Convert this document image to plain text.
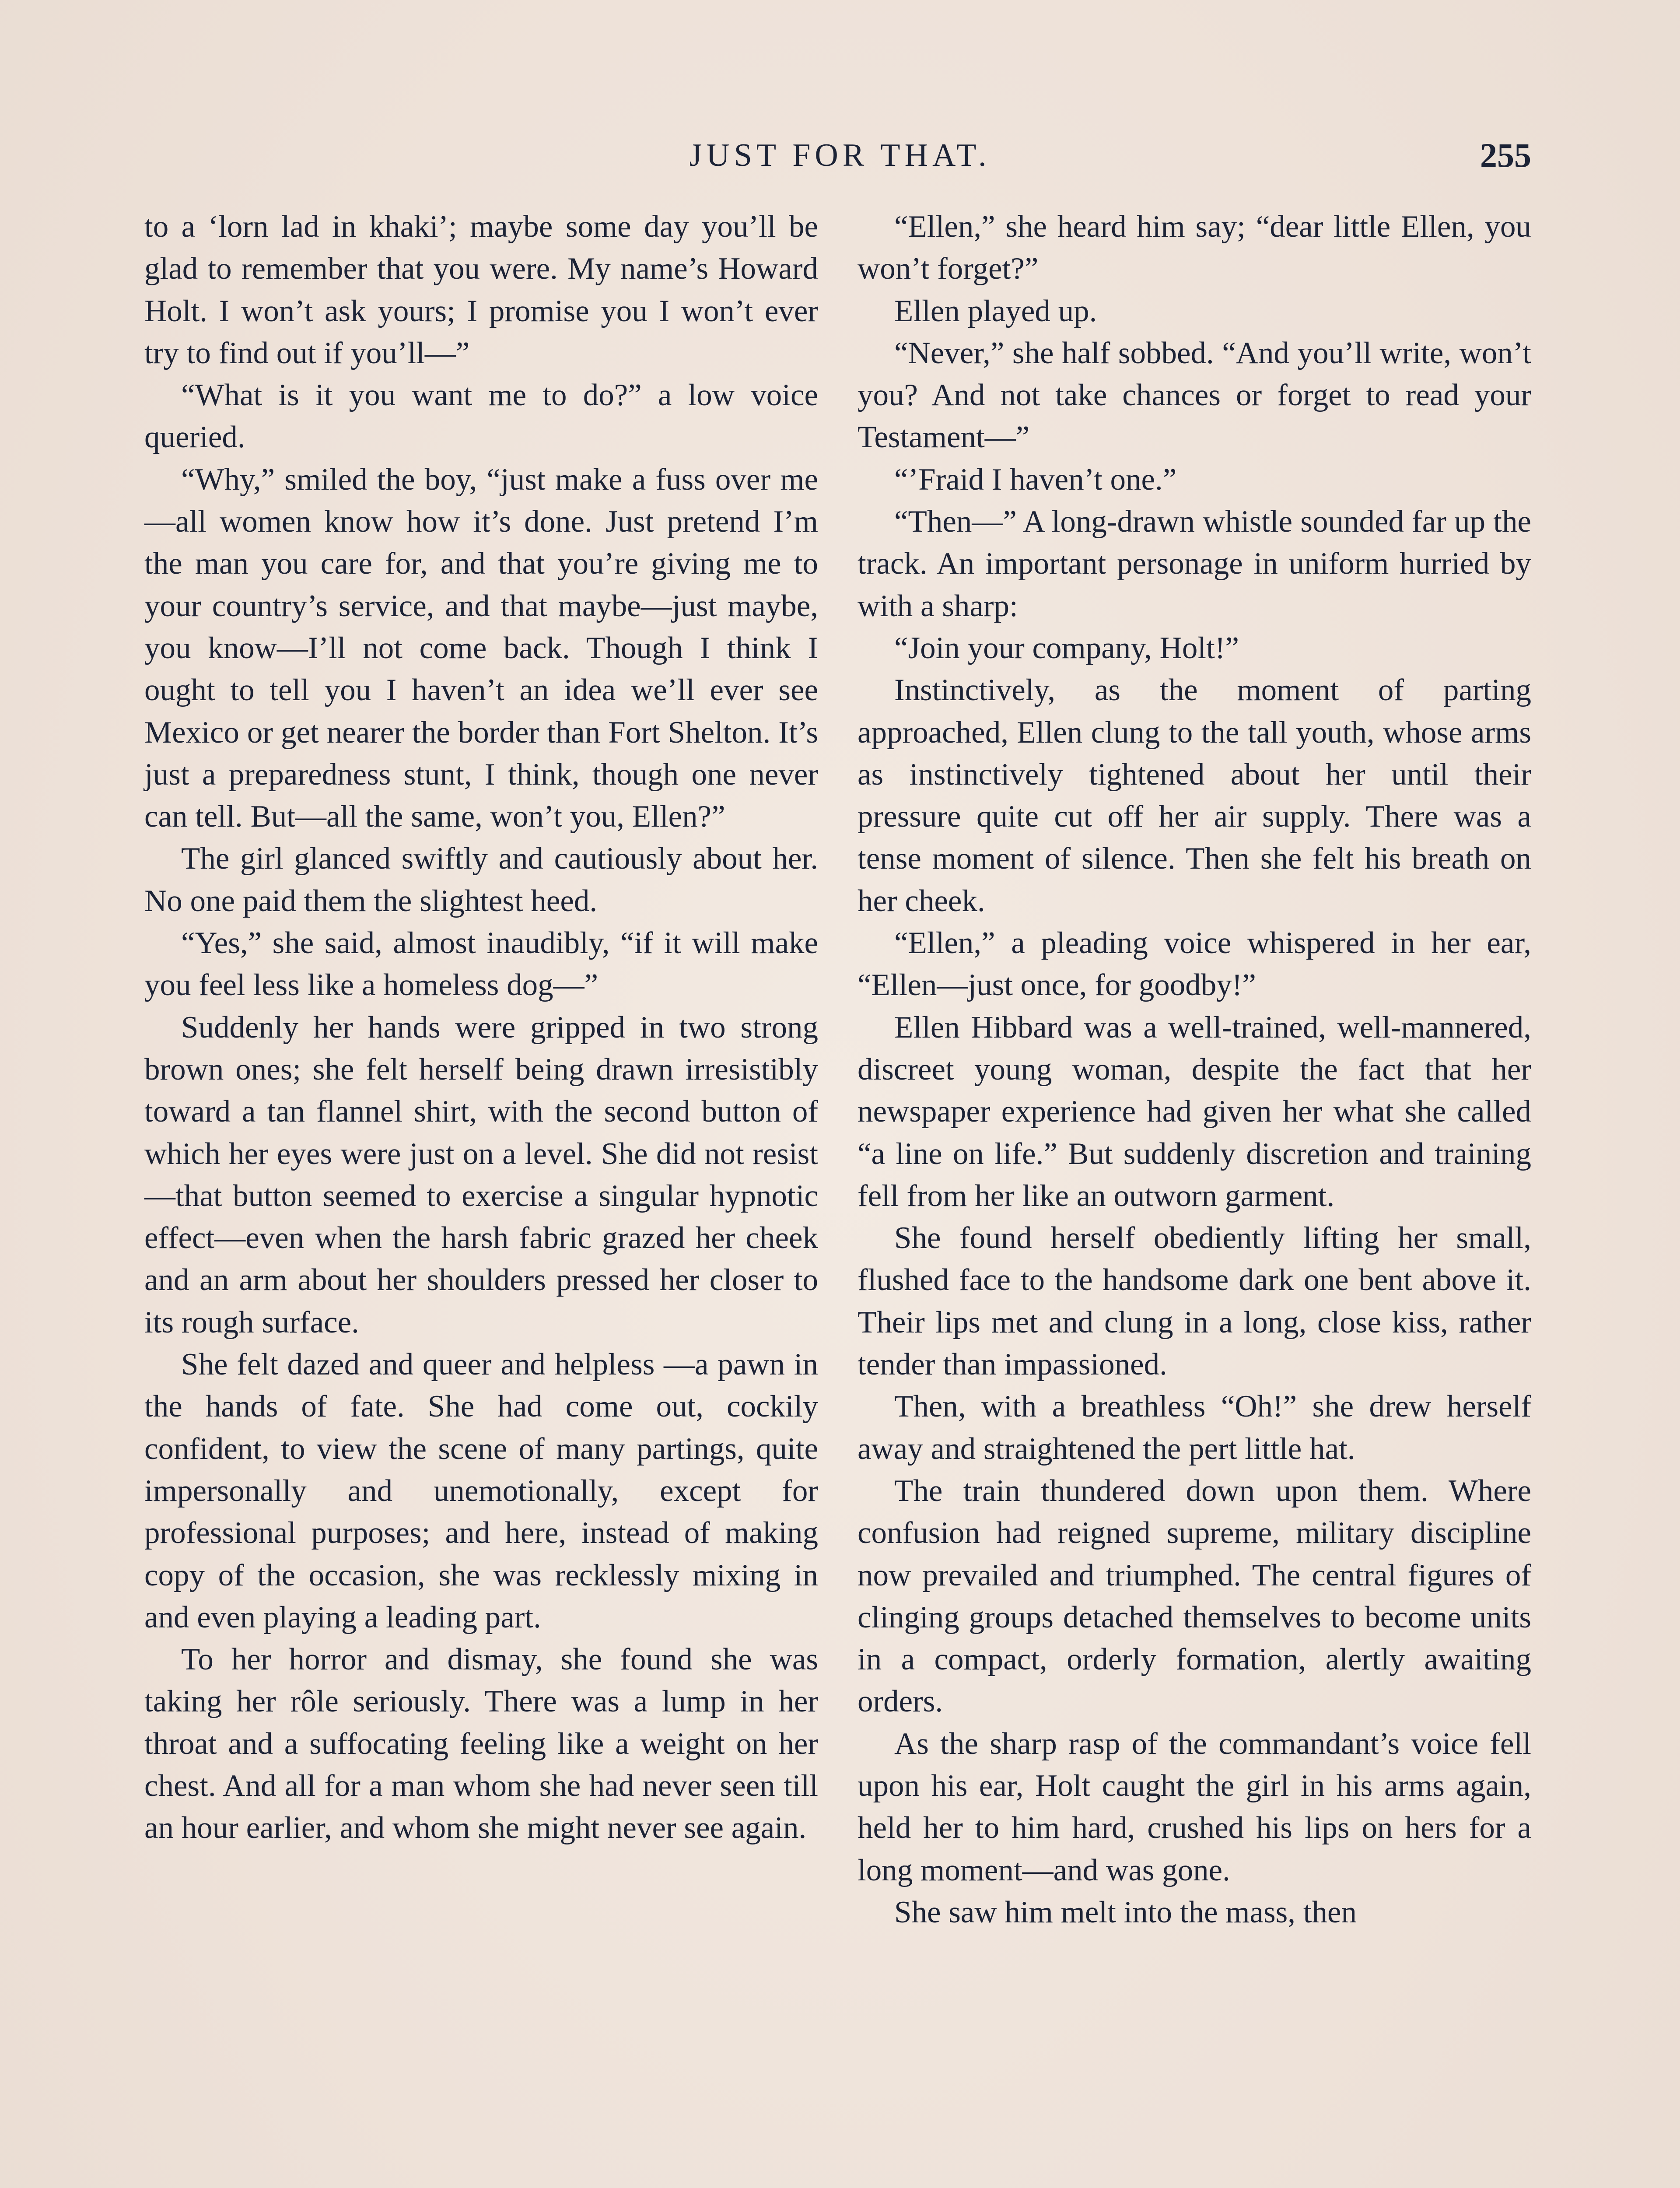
JUST FOR THAT.	255

to a ‘lorn lad in khaki’; maybe some day you’ll be glad to remember that you were. My name’s Howard Holt. I won’t ask yours; I promise you I won’t ever try to find out if you’ll—”

“What is it you want me to do?” a low voice queried.

“Why,” smiled the boy, “just make a fuss over me—all women know how it’s done. Just pretend I’m the man you care for, and that you’re giving me to your country’s service, and that maybe—just maybe, you know—I’ll not come back. Though I think I ought to tell you I haven’t an idea we’ll ever see Mexico or get nearer the border than Fort Shelton. It’s just a preparedness stunt, I think, though one never can tell. But—all the same, won’t you, Ellen?”

The girl glanced swiftly and cautiously about her. No one paid them the slightest heed.

“Yes,” she said, almost inaudibly, “if it will make you feel less like a homeless dog—”

Suddenly her hands were gripped in two strong brown ones; she felt herself being drawn irresistibly toward a tan flannel shirt, with the second button of which her eyes were just on a level. She did not resist—that button seemed to exercise a singular hypnotic effect—even when the harsh fabric grazed her cheek and an arm about her shoulders pressed her closer to its rough surface.

She felt dazed and queer and helpless —a pawn in the hands of fate. She had come out, cockily confident, to view the scene of many partings, quite impersonally and unemotionally, except for professional purposes; and here, instead of making copy of the occasion, she was recklessly mixing in and even playing a leading part.

To her horror and dismay, she found she was taking her rôle seriously. There was a lump in her throat and a suffocating feeling like a weight on her chest. And all for a man whom she had never seen till an hour earlier, and whom she might never see again.

“Ellen,” she heard him say; “dear little Ellen, you won’t forget?”

Ellen played up.

“Never,” she half sobbed. “And you’ll write, won’t you? And not take chances or forget to read your Testament—”

“’Fraid I haven’t one.”

“Then—” A long-drawn whistle sounded far up the track. An important personage in uniform hurried by with a sharp:

“Join your company, Holt!”

Instinctively, as the moment of parting approached, Ellen clung to the tall youth, whose arms as instinctively tightened about her until their pressure quite cut off her air supply. There was a tense moment of silence. Then she felt his breath on her cheek.

“Ellen,” a pleading voice whispered in her ear, “Ellen—just once, for goodby!”

Ellen Hibbard was a well-trained, well-mannered, discreet young woman, despite the fact that her newspaper experience had given her what she called “a line on life.” But suddenly discretion and training fell from her like an outworn garment.

She found herself obediently lifting her small, flushed face to the handsome dark one bent above it. Their lips met and clung in a long, close kiss, rather tender than impassioned.

Then, with a breathless “Oh!” she drew herself away and straightened the pert little hat.

The train thundered down upon them. Where confusion had reigned supreme, military discipline now prevailed and triumphed. The central figures of clinging groups detached themselves to become units in a compact, orderly formation, alertly awaiting orders.

As the sharp rasp of the commandant’s voice fell upon his ear, Holt caught the girl in his arms again, held her to him hard, crushed his lips on hers for a long moment—and was gone.

She saw him melt into the mass, then
